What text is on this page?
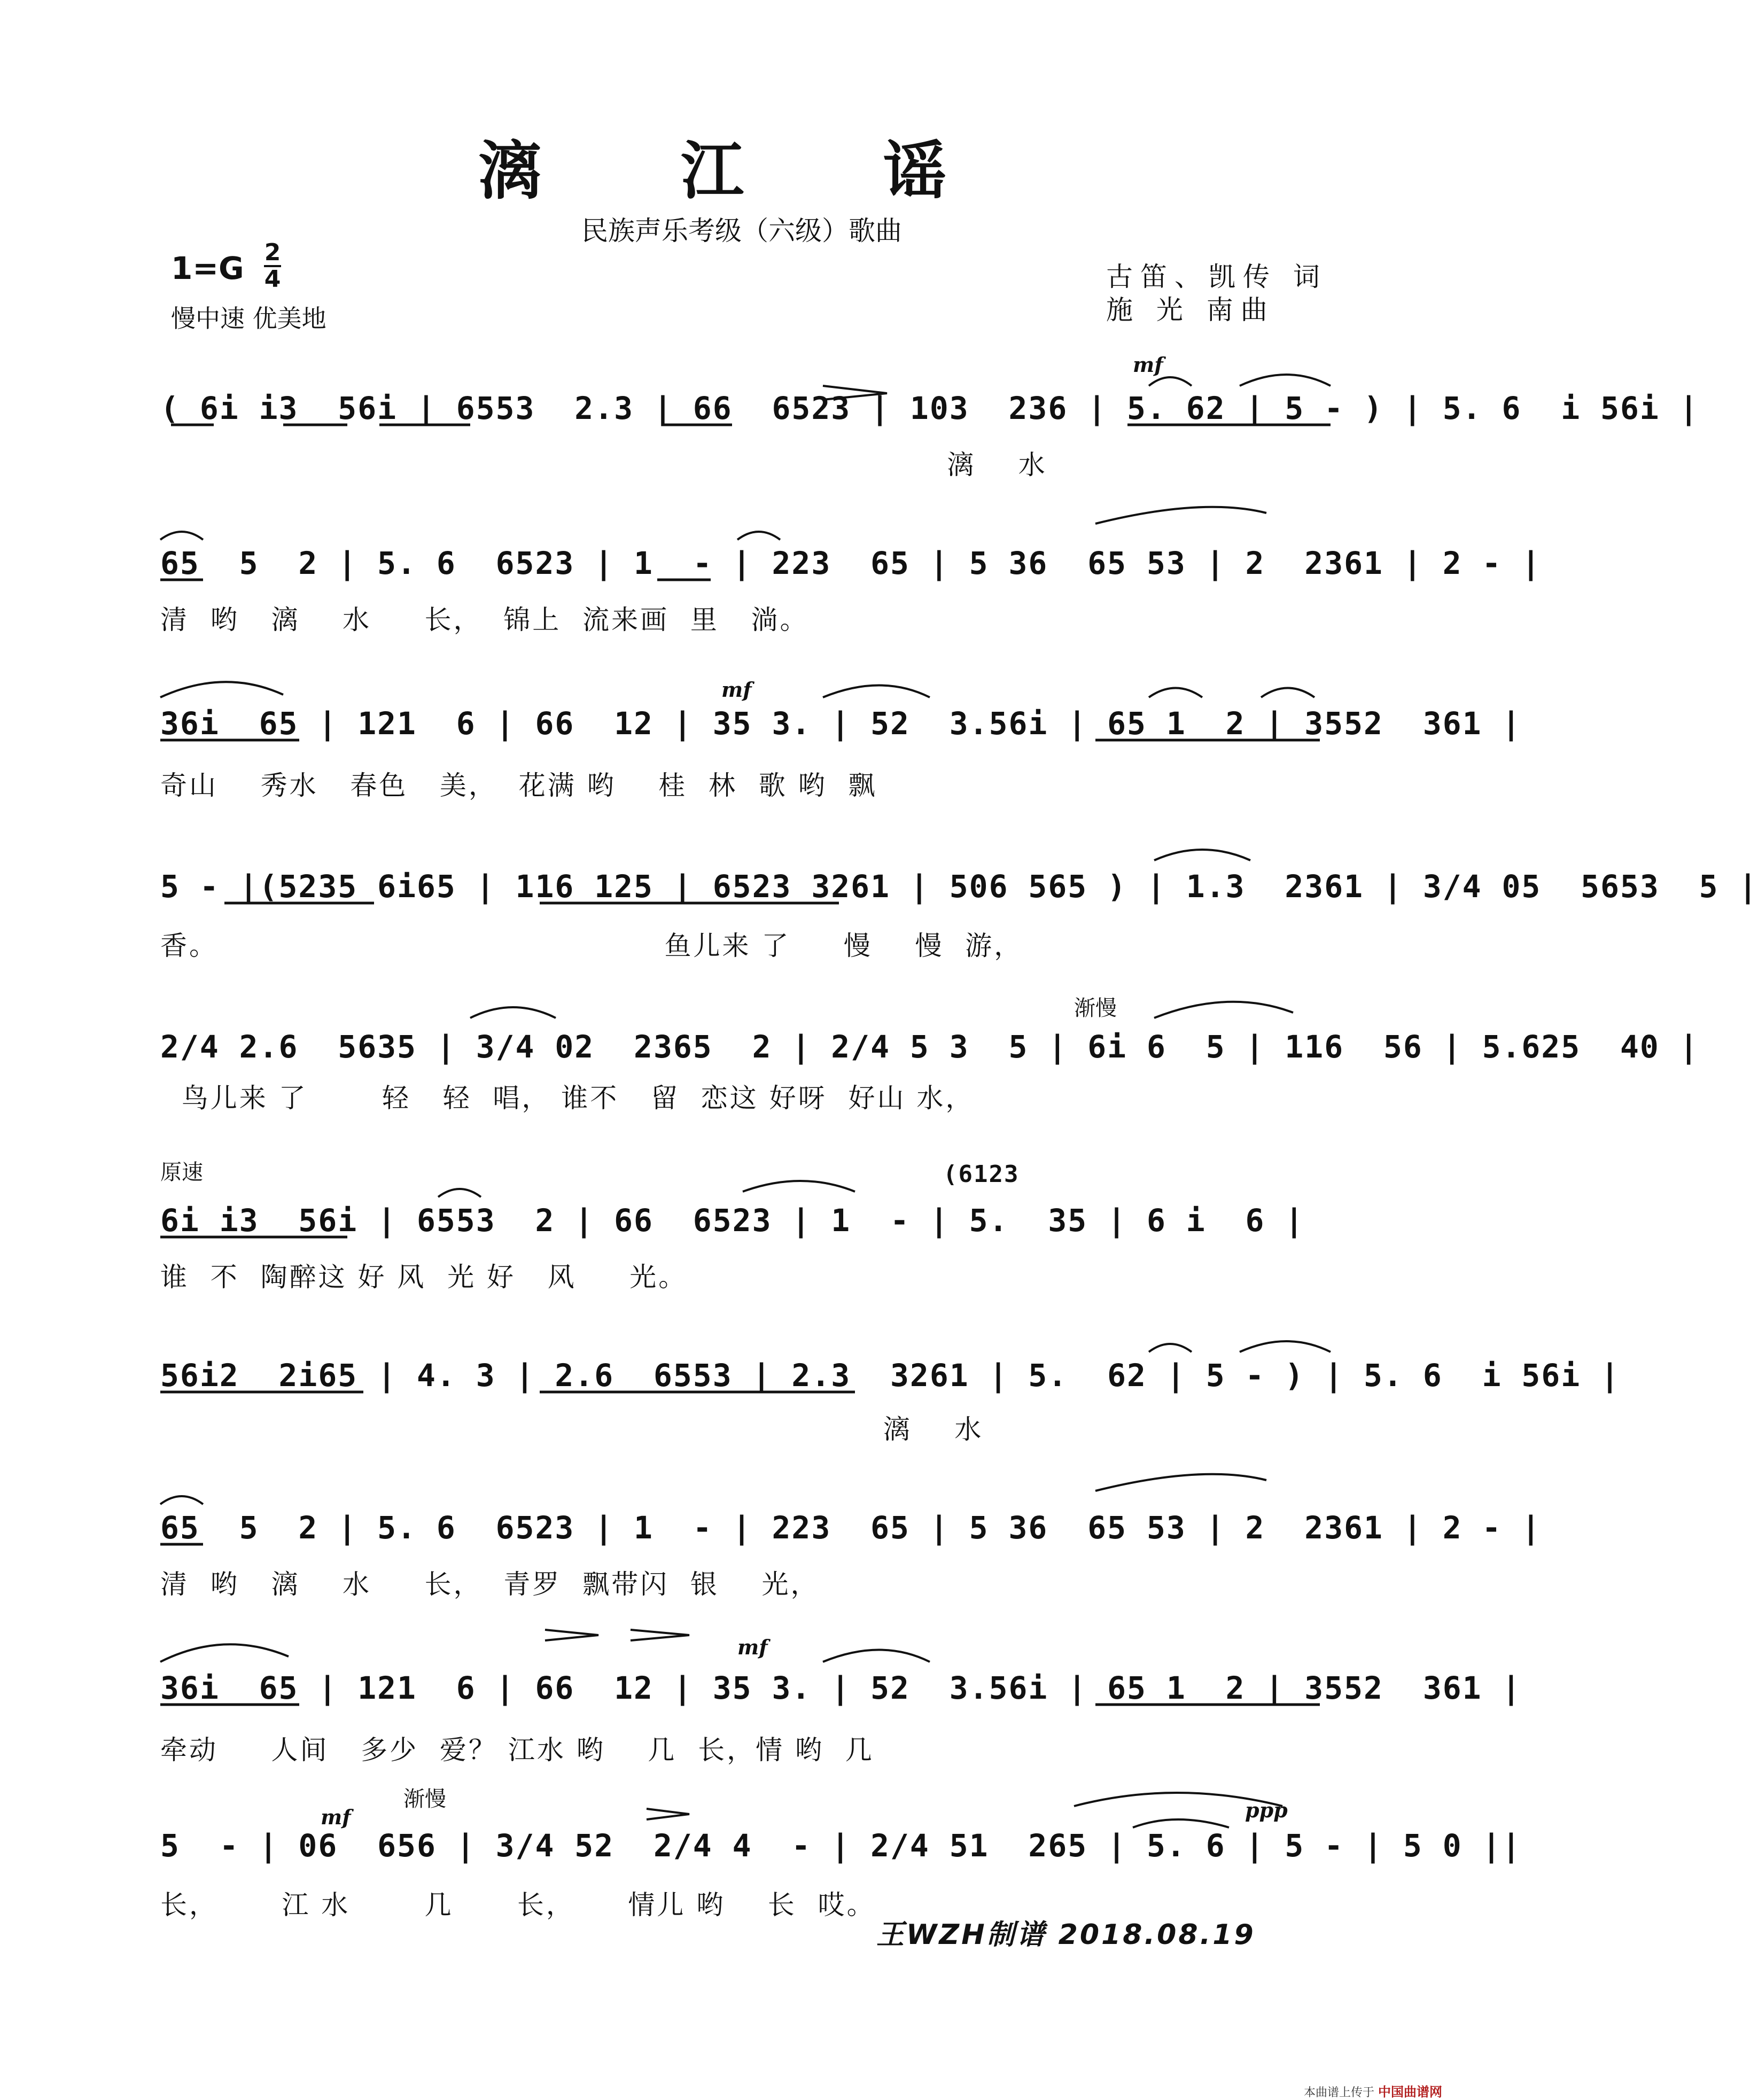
漓 江 谣
民族声乐考级（六级）歌曲
1=G 2
4
慢中速 优美地
古笛、凯传 词
施 光 南曲
( 6i i3  56i | 6553  2.3 | 66  6523 | 103  236 | 5. 62 | 5 - ) | 5. 6  i 56i |
漓    水
mf
65  5  2 | 5. 6  6523 | 1  - | 223  65 | 5 36  65 53 | 2  2361 | 2 - |
清  哟   漓    水     长，  锦上  流来画  里   淌。
36i  65 | 121  6 | 66  12 | 35 3. | 52  3.56i | 65 1  2 | 3552  361 |
奇山    秀水   春色   美，  花满 哟    桂  林  歌 哟  飘
mf
5 - |(5235 6i65 | 116 125 | 6523 3261 | 506 565 ) | 1.3  2361 | 3/4 05  5653  5 |
香。                                          鱼儿来 了     慢    慢  游，
2/4 2.6  5635 | 3/4 02  2365  2 | 2/4 5 3  5 | 6i 6  5 | 116  56 | 5.625  40 |
鸟儿来 了       轻   轻  唱， 谁不   留  恋这 好呀  好山 水，
渐慢
6i i3  56i | 6553  2 | 66  6523 | 1  - | 5.  35 | 6 i  6 |
谁  不  陶醉这 好 风  光 好   风     光。
原速	(6123
56i2  2i65 | 4. 3 | 2.6  6553 | 2.3  3261 | 5.  62 | 5 - ) | 5. 6  i 56i |
漓    水
65  5  2 | 5. 6  6523 | 1  - | 223  65 | 5 36  65 53 | 2  2361 | 2 - |
清  哟   漓    水     长，  青罗  飘带闪  银    光，
36i  65 | 121  6 | 66  12 | 35 3. | 52  3.56i | 65 1  2 | 3552  361 |
牵动     人间   多少  爱？ 江水 哟    几  长，情 哟  几
mf
5  - | 06  656 | 3/4 52  2/4 4  - | 2/4 51  265 | 5. 6 | 5 - | 5 0 ||
长，      江 水       几      长，     情儿 哟    长  哎。
mf
渐慢	ppp
王WZH制谱 2018.08.19
本曲谱上传于 中国曲谱网
